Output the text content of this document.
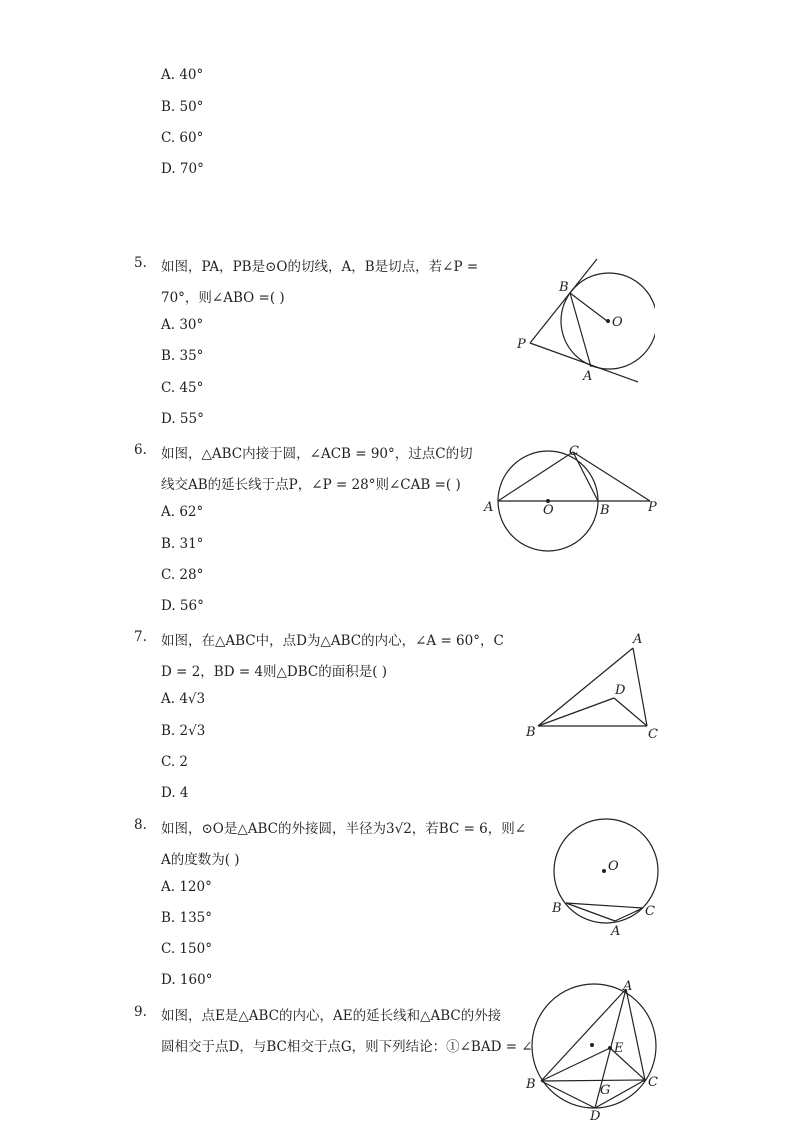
A. 40°
B. 50°
C. 60°
D. 70°
5. 如图，PA，PB是⊙O的切线，A，B是切点，若∠P =
70°，则∠ABO =( )
A. 30°
B. 35°
C. 45°
D. 55°
B
O
P
A
6. 如图，△ABC内接于圆，∠ACB = 90°，过点C的切
线交AB的延长线于点P，∠P = 28°则∠CAB =( )
A. 62°
B. 31°
C. 28°
D. 56°
A	O	B
C
P
7. 如图，在△ABC中，点D为△ABC的内心，∠A = 60°，C
D = 2，BD = 4则△DBC的面积是( )
A. 4√3
B. 2√3
C. 2
D. 4
A
D
B	C
8. 如图，⊙O是△ABC的外接圆，半径为3√2，若BC = 6，则∠
A的度数为( )
A. 120°
B. 135°
C. 150°
D. 160°
O
B	C
A
9. 如图，点E是△ABC的内心，AE的延长线和△ABC的外接
圆相交于点D，与BC相交于点G，则下列结论：①∠BAD = ∠
A
E
B	C
G
D
